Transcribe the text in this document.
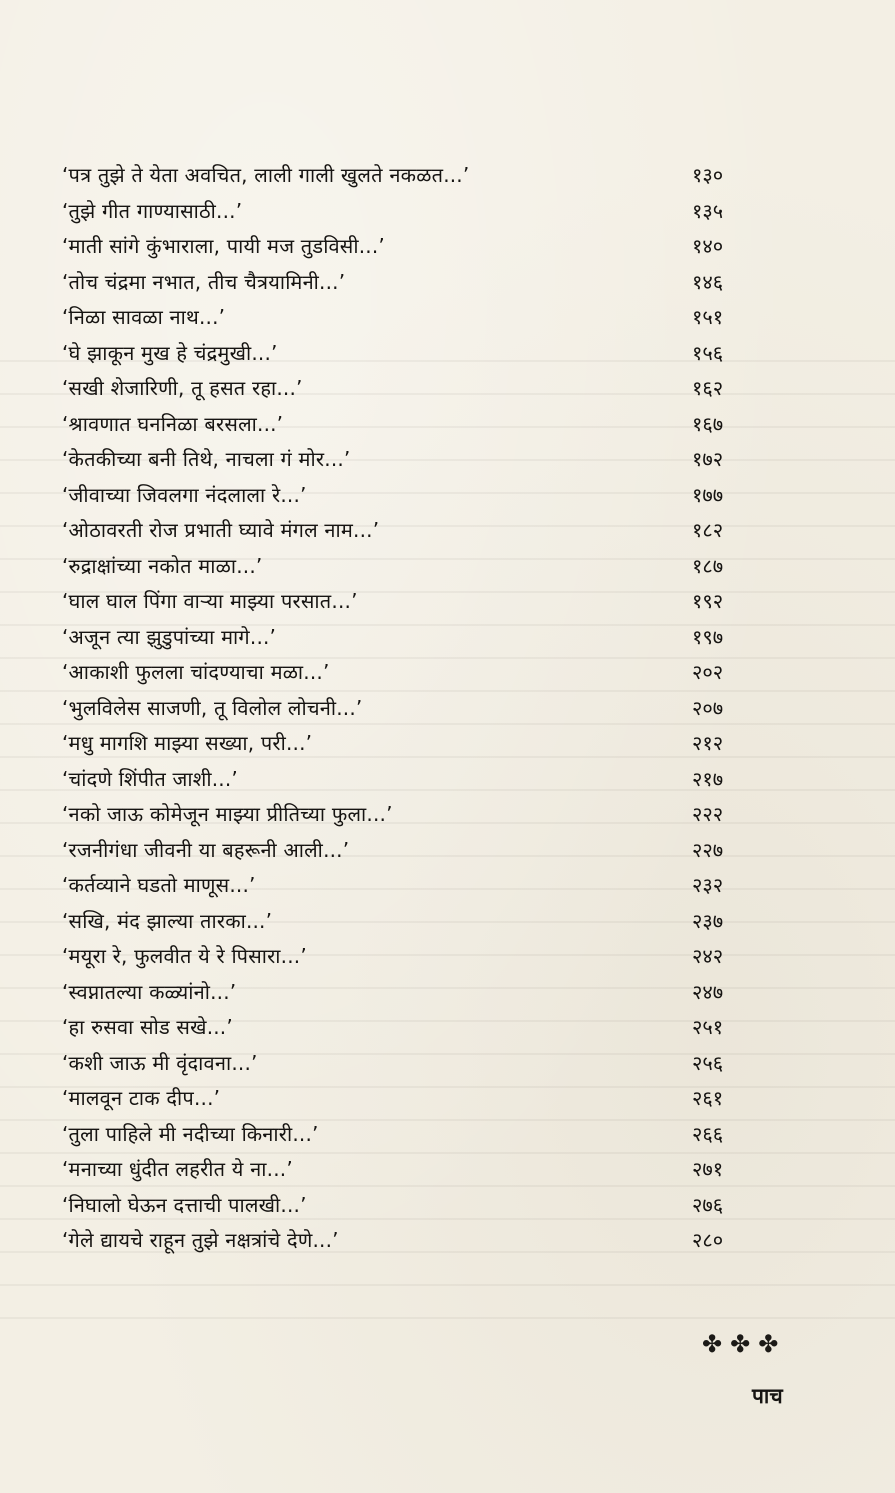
‘पत्र तुझे ते येता अवचित, लाली गाली खुलते नकळत...’	१३०
‘तुझे गीत गाण्यासाठी...’	१३५
‘माती सांगे कुंभाराला, पायी मज तुडविसी...’	१४०
‘तोच चंद्रमा नभात, तीच चैत्रयामिनी...’	१४६
‘निळा सावळा नाथ...’	१५१
‘घे झाकून मुख हे चंद्रमुखी...’	१५६
‘सखी शेजारिणी, तू हसत रहा...’	१६२
‘श्रावणात घननिळा बरसला...’	१६७
‘केतकीच्या बनी तिथे, नाचला गं मोर...’	१७२
‘जीवाच्या जिवलगा नंदलाला रे...’	१७७
‘ओठावरती रोज प्रभाती घ्यावे मंगल नाम...’	१८२
‘रुद्राक्षांच्या नकोत माळा...’	१८७
‘घाल घाल पिंगा वाऱ्या माझ्या परसात...’	१९२
‘अजून त्या झुडुपांच्या मागे...’	१९७
‘आकाशी फुलला चांदण्याचा मळा...’	२०२
‘भुलविलेस साजणी, तू विलोल लोचनी...’	२०७
‘मधु मागशि माझ्या सख्या, परी...’	२१२
‘चांदणे शिंपीत जाशी...’	२१७
‘नको जाऊ कोमेजून माझ्या प्रीतिच्या फुला...’	२२२
‘रजनीगंधा जीवनी या बहरूनी आली...’	२२७
‘कर्तव्याने घडतो माणूस...’	२३२
‘सखि, मंद झाल्या तारका...’	२३७
‘मयूरा रे, फुलवीत ये रे पिसारा...’	२४२
‘स्वप्नातल्या कळ्यांनो...’	२४७
‘हा रुसवा सोड सखे...’	२५१
‘कशी जाऊ मी वृंदावना...’	२५६
‘मालवून टाक दीप...’	२६१
‘तुला पाहिले मी नदीच्या किनारी...’	२६६
‘मनाच्या धुंदीत लहरीत ये ना...’	२७१
‘निघालो घेऊन दत्ताची पालखी...’	२७६
‘गेले द्यायचे राहून तुझे नक्षत्रांचे देणे...’	२८०
✤✤✤
पाच
